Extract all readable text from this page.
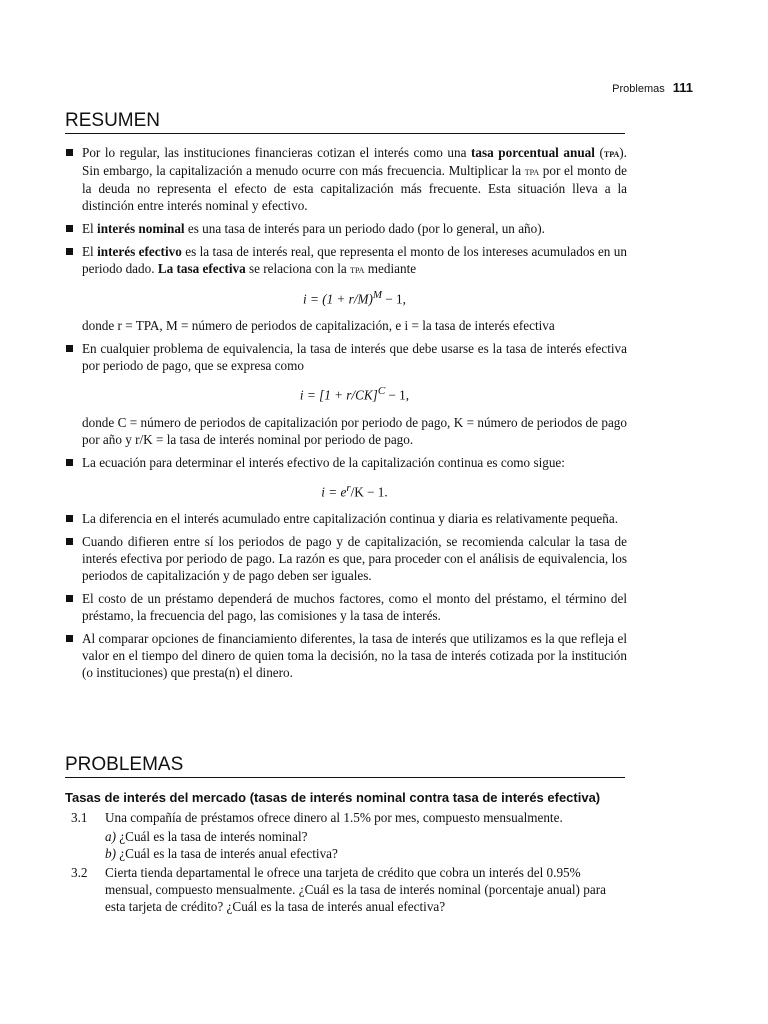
Problemas 111
RESUMEN
Por lo regular, las instituciones financieras cotizan el interés como una tasa porcentual anual (tpa). Sin embargo, la capitalización a menudo ocurre con más frecuencia. Multiplicar la tpa por el monto de la deuda no representa el efecto de esta capitalización más frecuente. Esta situación lleva a la distinción entre interés nominal y efectivo.
El interés nominal es una tasa de interés para un periodo dado (por lo general, un año).
El interés efectivo es la tasa de interés real, que representa el monto de los intereses acumulados en un periodo dado. La tasa efectiva se relaciona con la tpa mediante
$i = (1 + r/M)^M - 1$,
donde r = TPA, M = número de periodos de capitalización, e i = la tasa de interés efectiva
En cualquier problema de equivalencia, la tasa de interés que debe usarse es la tasa de interés efectiva por periodo de pago, que se expresa como
$i = [1 + r/CK]^C - 1$,
donde C = número de periodos de capitalización por periodo de pago, K = número de periodos de pago por año y r/K = la tasa de interés nominal por periodo de pago.
La ecuación para determinar el interés efectivo de la capitalización continua es como sigue:
$i = e^r/K - 1$.
La diferencia en el interés acumulado entre capitalización continua y diaria es relativamente pequeña.
Cuando difieren entre sí los periodos de pago y de capitalización, se recomienda calcular la tasa de interés efectiva por periodo de pago. La razón es que, para proceder con el análisis de equivalencia, los periodos de capitalización y de pago deben ser iguales.
El costo de un préstamo dependerá de muchos factores, como el monto del préstamo, el término del préstamo, la frecuencia del pago, las comisiones y la tasa de interés.
Al comparar opciones de financiamiento diferentes, la tasa de interés que utilizamos es la que refleja el valor en el tiempo del dinero de quien toma la decisión, no la tasa de interés cotizada por la institución (o instituciones) que presta(n) el dinero.
PROBLEMAS
Tasas de interés del mercado (tasas de interés nominal contra tasa de interés efectiva)
3.1 Una compañía de préstamos ofrece dinero al 1.5% por mes, compuesto mensualmente.
a) ¿Cuál es la tasa de interés nominal?
b) ¿Cuál es la tasa de interés anual efectiva?
3.2 Cierta tienda departamental le ofrece una tarjeta de crédito que cobra un interés del 0.95% mensual, compuesto mensualmente. ¿Cuál es la tasa de interés nominal (porcentaje anual) para esta tarjeta de crédito? ¿Cuál es la tasa de interés anual efectiva?
